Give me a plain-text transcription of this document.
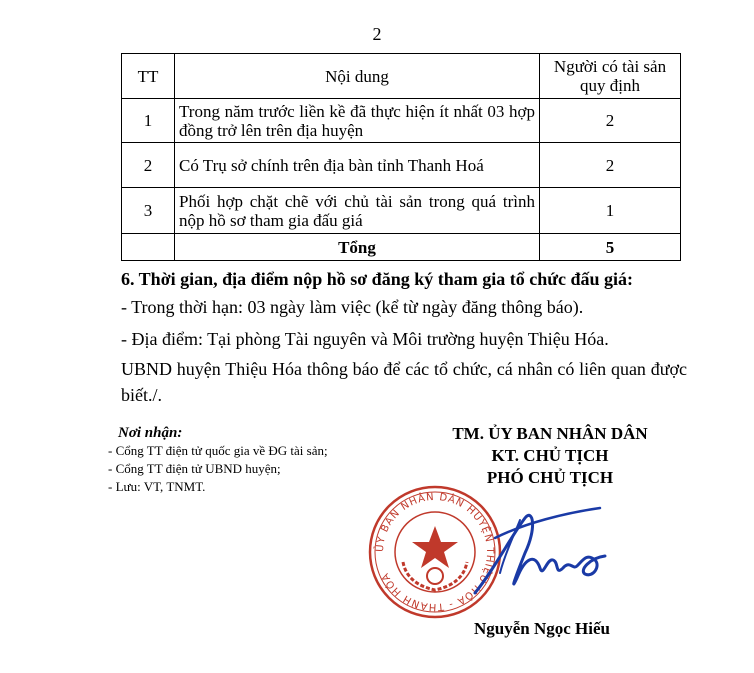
2
TT	Nội dung	Người có tài sản quy định
1	Trong năm trước liền kề đã thực hiện ít nhất 03 hợp đồng trở lên trên địa huyện	2
2	Có Trụ sở chính trên địa bàn tỉnh Thanh Hoá	2
3	Phối hợp chặt chẽ với chủ tài sản trong quá trình nộp hồ sơ tham gia đấu giá	1
	Tổng	5
6. Thời gian, địa điểm nộp hồ sơ đăng ký tham gia tổ chức đấu giá:
- Trong thời hạn: 03 ngày làm việc (kể từ ngày đăng thông báo).
- Địa điểm: Tại phòng Tài nguyên và Môi trường huyện Thiệu Hóa.
UBND huyện Thiệu Hóa thông báo để các tổ chức, cá nhân có liên quan được biết./.
Nơi nhận:
- Cổng TT điện tử quốc gia về ĐG tài sản;
- Cổng TT điện tử UBND huyện;
- Lưu: VT, TNMT.
TM. ỦY BAN NHÂN DÂN
KT. CHỦ TỊCH
PHÓ CHỦ TỊCH
ỦY BAN NHÂN DÂN HUYỆN THIỆU HÓA - THANH HÓA
Nguyễn Ngọc Hiếu
